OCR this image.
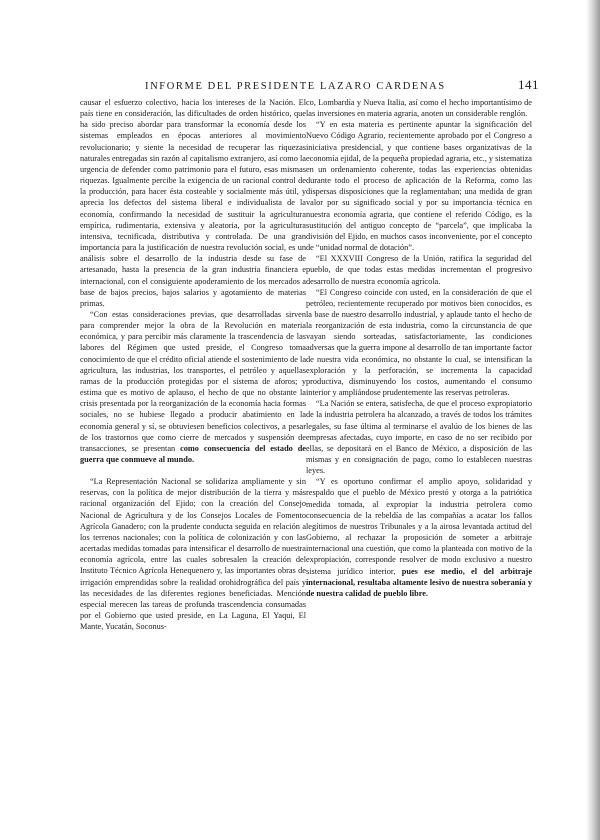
INFORME DEL PRESIDENTE LAZARO CARDENAS	141

causar el esfuerzo colectivo, hacia los intereses de la Nación. El país tiene en consideración, las dificultades de orden histórico, que ha sido preciso abordar para transformar la economía desde los sistemas empleados en épocas anteriores al movimiento revolucionario; y siente la necesidad de recuperar las riquezas naturales entregadas sin razón al capitalismo extranjero, así como la urgencia de defender como patrimonio para el futuro, esas mismas riquezas. Igualmente percibe la exigencia de un racional control de la producción, para hacer ésta costeable y socialmente más útil, y aprecia los defectos del sistema liberal e individualista de la economía, confirmando la necesidad de sustituir la agricultura empírica, rudimentaria, extensiva y aleatoria, por la agricultura intensiva, tecnificada, distributiva y controlada. De una gran importancia para la justificación de nuestra revolución social, es un análisis sobre el desarrollo de la industria desde su fase de artesanado, hasta la presencia de la gran industria financiera e internacional, con el consiguiente apoderamiento de los mercados a base de bajos precios, bajos salarios y agotamiento de materias primas.

“Con estas consideraciones previas, que desarrolladas sirven para comprender mejor la obra de la Revolución en materia económica, y para percibir más claramente la trascendencia de las labores del Régimen que usted preside, el Congreso toma conocimiento de que el crédito oficial atiende el sostenimiento de la agricultura, las industrias, los transportes, el petróleo y aquellas ramas de la producción protegidas por el sistema de aforos; y estima que es motivo de aplauso, el hecho de que no obstante la crisis presentada por la reorganización de la economía hacia formas sociales, no se hubiese llegado a producir abatimiento en la economía general y sí, se obtuviesen beneficios colectivos, a pesar de los trastornos que como cierre de mercados y suspensión de transacciones, se presentan como consecuencia del estado de guerra que conmueve al mundo.

“La Representación Nacional se solidariza ampliamente y sin reservas, con la política de mejor distribución de la tierra y más racional organización del Ejido; con la creación del Consejo Nacional de Agricultura y de los Consejos Locales de Fomento Agrícola Ganadero; con la prudente conducta seguida en relación a los terrenos nacionales; con la política de colonización y con las acertadas medidas tomadas para intensificar el desarrollo de nuestra economía agrícola, entre las cuales sobresalen la creación del Instituto Técnico Agrícola Henequenero y, las importantes obras de irrigación emprendidas sobre la realidad orohidrográfica del país y las necesidades de las diferentes regiones beneficiadas. Mención especial merecen las tareas de profunda trascendencia consumadas por el Gobierno que usted preside, en La Laguna, El Yaqui, El Mante, Yucatán, Soconus-

co, Lombardía y Nueva Italia, así como el hecho importantísimo de las inversiones en materia agraria, anoten un considerable renglón.

“Y en esta materia es pertinente apuntar la significación del Nuevo Código Agrario, recientemente aprobado por el Congreso a iniciativa presidencial, y que contiene bases organizativas de la economía ejidal, de la pequeña propiedad agraria, etc., y sistematiza en un ordenamiento coherente, todas las experiencias obtenidas durante todo el proceso de aplicación de la Reforma, como las dispersas disposiciones que la reglamentaban; una medida de gran valor por su significado social y por su importancia técnica en nuestra economía agraria, que contiene el referido Código, es la sustitución del antiguo concepto de “parcela”, que implicaba la división del Ejido, en muchos casos inconveniente, por el concepto de “unidad normal de dotación”.

“El XXXVIII Congreso de la Unión, ratifica la seguridad del pueblo, de que todas estas medidas incrementan el progresivo desarrollo de nuestra economía agrícola.

“El Congreso coincide con usted, en la consideración de que el petróleo, recientemente recuperado por motivos bien conocidos, es la base de nuestro desarrollo industrial, y aplaude tanto el hecho de la reorganización de esta industria, como la circunstancia de que vayan siendo sorteadas, satisfactoriamente, las condiciones adversas que la guerra impone al desarrollo de tan importante factor de nuestra vida económica, no obstante lo cual, se intensifican la exploración y la perforación, se incrementa la capacidad productiva, disminuyendo los costos, aumentando el consumo interior y ampliándose prudentemente las reservas petroleras.

“La Nación se entera, satisfecha, de que el proceso expropiatorio de la industria petrolera ha alcanzado, a través de todos los trámites legales, su fase última al terminarse el avalúo de los bienes de las empresas afectadas, cuyo importe, en caso de no ser recibido por ellas, se depositará en el Banco de México, a disposición de las mismas y en consignación de pago, como lo establecen nuestras leyes.

“Y es oportuno confirmar el amplio apoyo, solidaridad y respaldo que el pueblo de México prestó y otorga a la patriótica medida tomada, al expropiar la industria petrolera como consecuencia de la rebeldía de las compañías a acatar los fallos legítimos de nuestros Tribunales y a la airosa levantada actitud del Gobierno, al rechazar la proposición de someter a arbitraje internacional una cuestión, que como la planteada con motivo de la expropiación, corresponde resolver de modo exclusivo a nuestro sistema jurídico interior, pues ese medio, el del arbitraje internacional, resultaba altamente lesivo de nuestra soberanía y de nuestra calidad de pueblo libre.
